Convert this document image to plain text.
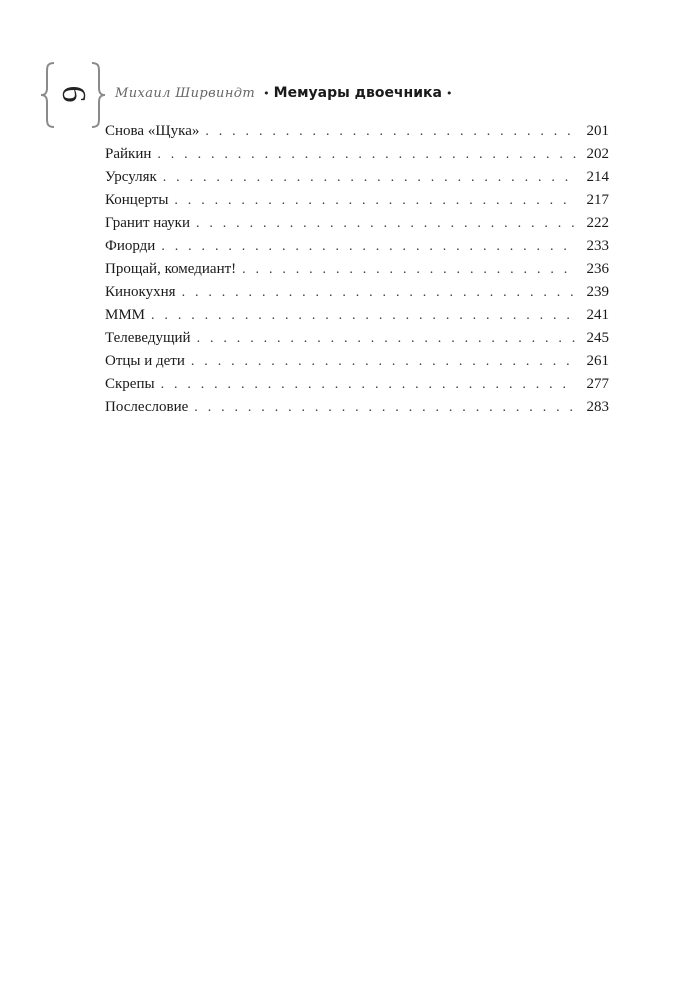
6 Михаил Ширвиндт • Мемуары двоечника •
Снова «Щука» . . .	201
Райкин . . .	202
Урсуляк . . .	214
Концерты . . .	217
Гранит науки . . .	222
Фиорди . . .	233
Прощай, комедиант! . . .	236
Кинокухня . . .	239
МММ . . .	241
Телеведущий . . .	245
Отцы и дети . . .	261
Скрепы . . .	277
Послесловие . . .	283
